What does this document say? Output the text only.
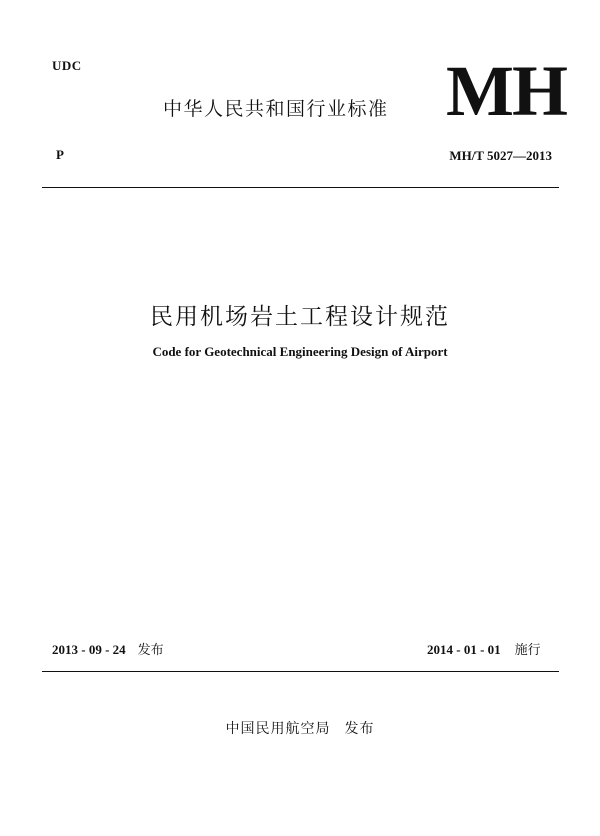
UDC
中华人民共和国行业标准 MH
P	MH/T 5027—2013
民用机场岩土工程设计规范
Code for Geotechnical Engineering Design of Airport
2013 - 09 - 24 发布	2014 - 01 - 01 施行
中国民用航空局 发布
